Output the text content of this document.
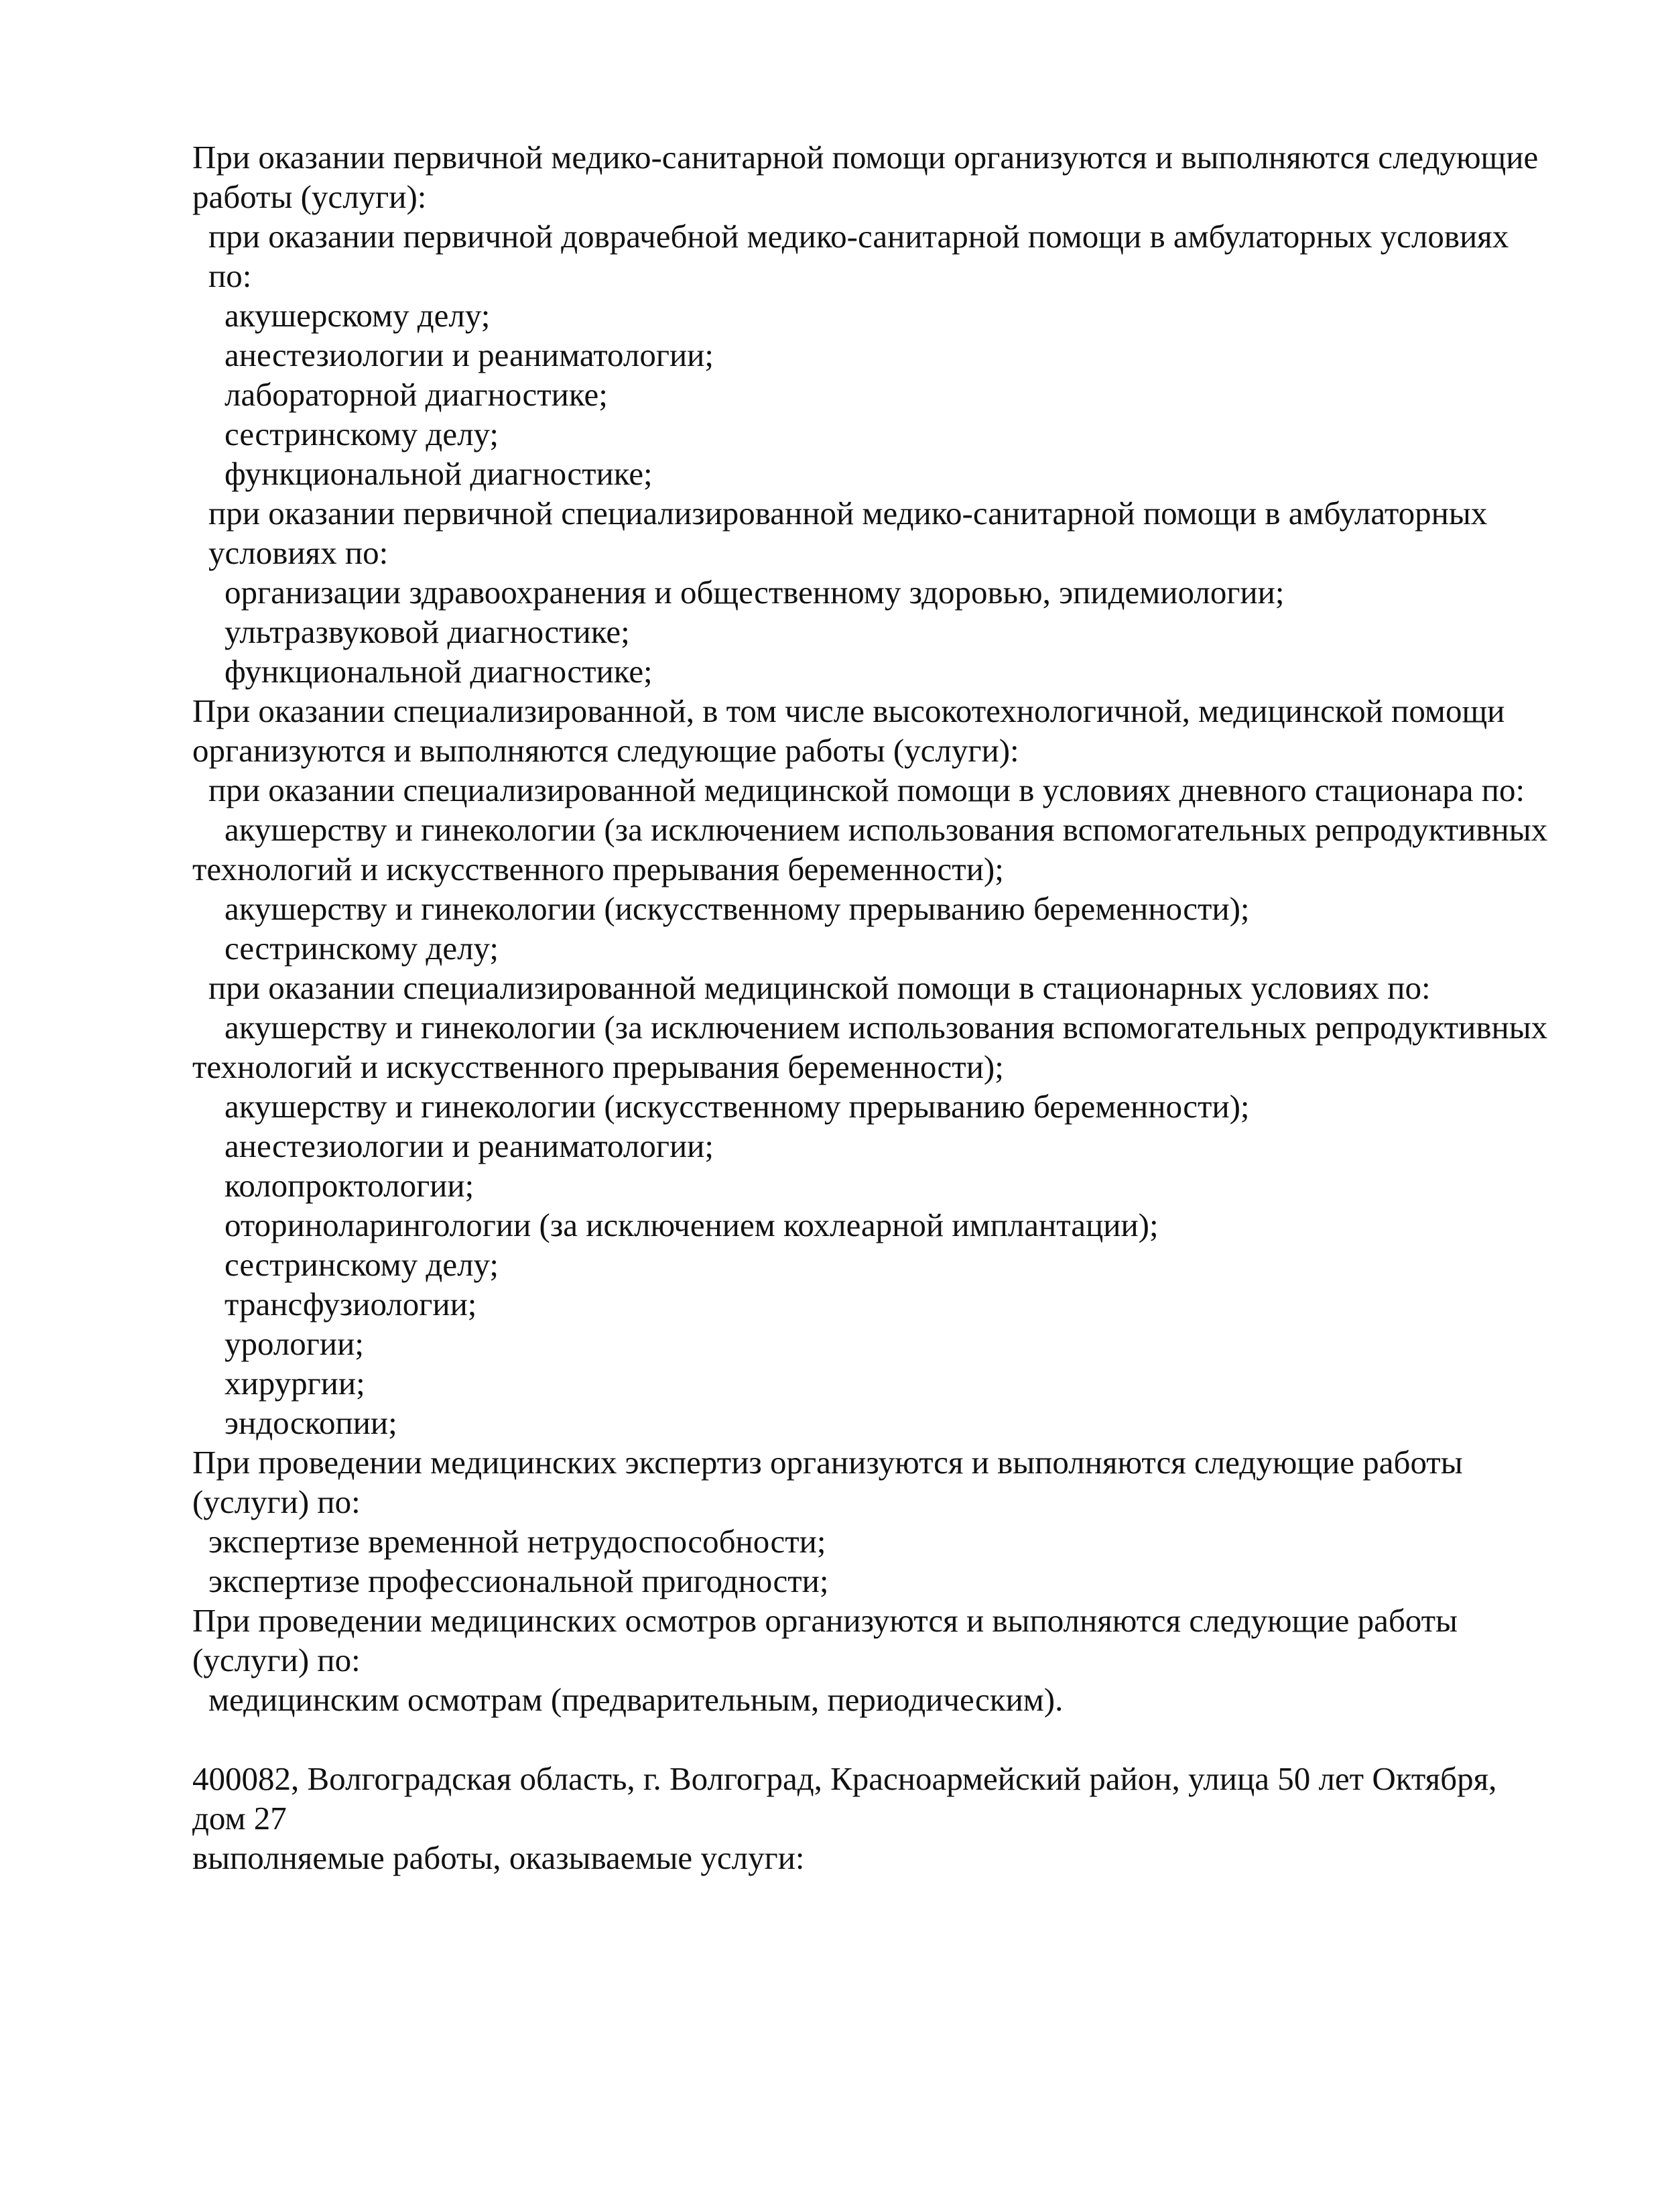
При оказании первичной медико-санитарной помощи организуются и выполняются следующие работы (услуги):

при оказании первичной доврачебной медико-санитарной помощи в амбулаторных условиях по:

акушерскому делу;

анестезиологии и реаниматологии;

лабораторной диагностике;

сестринскому делу;

функциональной диагностике;

при оказании первичной специализированной медико-санитарной помощи в амбулаторных условиях по:

организации здравоохранения и общественному здоровью, эпидемиологии;

ультразвуковой диагностике;

функциональной диагностике;

При оказании специализированной, в том числе высокотехнологичной, медицинской помощи организуются и выполняются следующие работы (услуги):

при оказании специализированной медицинской помощи в условиях дневного стационара по:

акушерству и гинекологии (за исключением использования вспомогательных репродуктивных технологий и искусственного прерывания беременности);

акушерству и гинекологии (искусственному прерыванию беременности);

сестринскому делу;

при оказании специализированной медицинской помощи в стационарных условиях по:

акушерству и гинекологии (за исключением использования вспомогательных репродуктивных технологий и искусственного прерывания беременности);

акушерству и гинекологии (искусственному прерыванию беременности);

анестезиологии и реаниматологии;

колопроктологии;

оториноларингологии (за исключением кохлеарной имплантации);

сестринскому делу;

трансфузиологии;

урологии;

хирургии;

эндоскопии;

При проведении медицинских экспертиз организуются и выполняются следующие работы (услуги) по:

экспертизе временной нетрудоспособности;

экспертизе профессиональной пригодности;

При проведении медицинских осмотров организуются и выполняются следующие работы (услуги) по:

медицинским осмотрам (предварительным, периодическим).

400082, Волгоградская область, г. Волгоград, Красноармейский район, улица 50 лет Октября, дом 27

выполняемые работы, оказываемые услуги:
